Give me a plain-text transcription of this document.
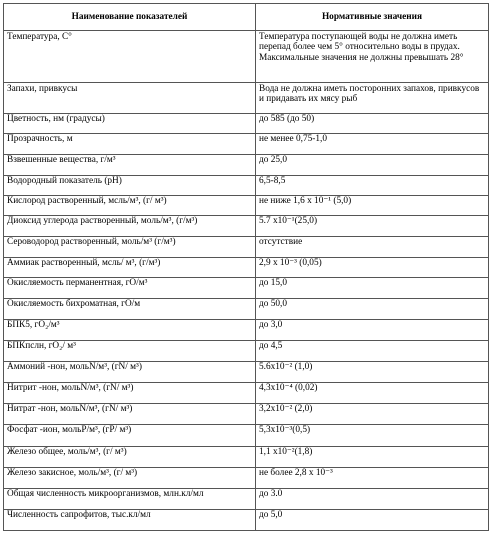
Наименование показателей	Нормативные значения
Температура, С°	Температура поступающей воды не должна иметь перепад более чем 5° относительно воды в прудах. Максимальные значения не должны превышать 28°
Запахи, привкусы	Вода не должна иметь посторонних запахов, привкусов и придавать их мясу рыб
Цветность, нм (градусы)	до 585 (до 50)
Прозрачность, м	не менее 0,75-1,0
Взвешенные вещества, г/м³	до 25,0
Водородный показатель (pH)	6,5-8,5
Кислород растворенный, мсль/м³, (г/ м³)	не ниже 1,6 х 10⁻¹ (5,0)
Диоксид углерода растворенный, моль/м³, (г/м³)	5.7 х10⁻¹(25,0)
Сероводород растворенный, моль/м³ (г/м³)	отсутствие
Аммиак растворенный, мсль/ м³, (г/м³)	2,9 х 10⁻³ (0,05)
Окисляемость перманентная, гО/м³	до 15,0
Окисляемость бихроматная, гО/м	до 50,0
БПК5, гО₂/м³	до 3,0
БПКпслн, гО₂/ м³	до 4,5
Аммоний -нон, мольN/м³, (гN/ м³)	5.6х10⁻² (1,0)
Нитрит -нон, мольN/м³, (гN/ м³)	4,3х10⁻⁴ (0,02)
Нитрат -нон, мольN/м³, (гN/ м³)	3,2х10⁻² (2,0)
Фосфат -ион, мольР/м³, (гР/ м³)	5,3х10⁻³(0,5)
Железо общее, моль/м³, (г/ м³)	1,1 х10⁻²(1,8)
Железо закисное, моль/м³, (г/ м³)	не более 2,8 х 10⁻³
Общая численность микроорганизмов, млн.кл/мл	до 3.0
Численность сапрофитов, тыс.кл/мл	до 5,0
